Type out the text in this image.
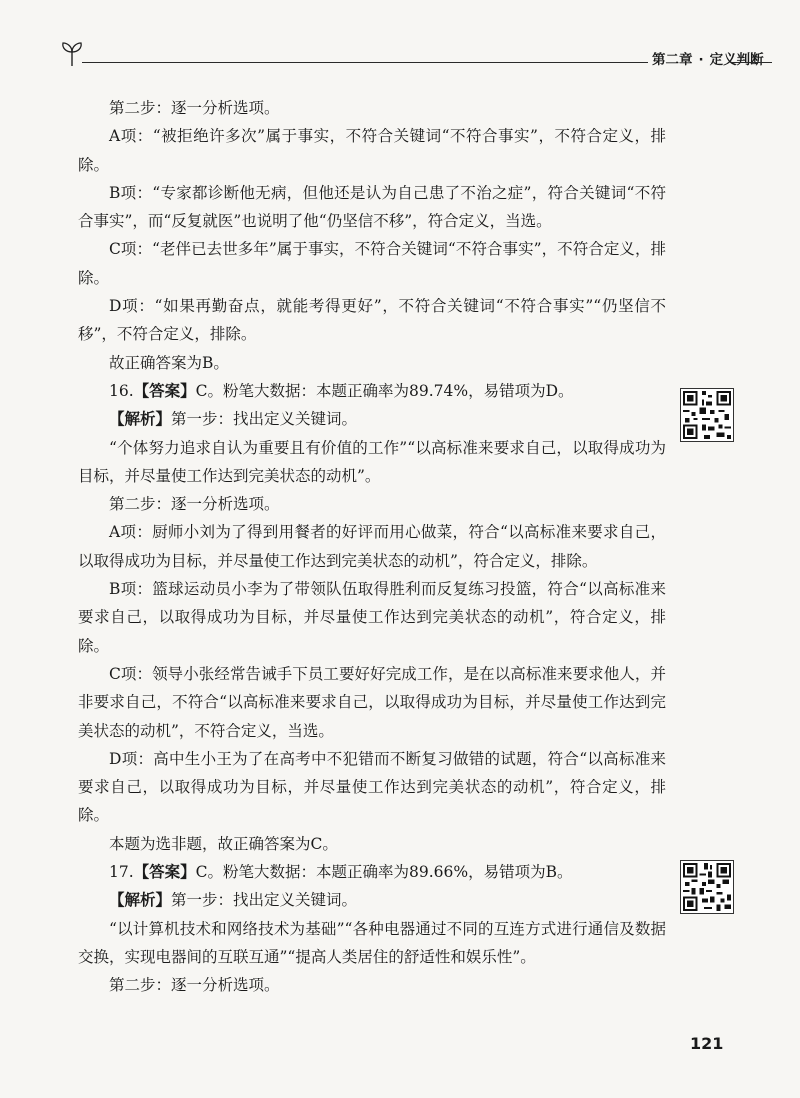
第二章 · 定义判断

第二步：逐一分析选项。

A项：“被拒绝许多次”属于事实，不符合关键词“不符合事实”，不符合定义，排除。

B项：“专家都诊断他无病，但他还是认为自己患了不治之症”，符合关键词“不符合事实”，而“反复就医”也说明了他“仍坚信不移”，符合定义，当选。

C项：“老伴已去世多年”属于事实，不符合关键词“不符合事实”，不符合定义，排除。

D项：“如果再勤奋点，就能考得更好”，不符合关键词“不符合事实”“仍坚信不移”，不符合定义，排除。

故正确答案为B。

16.【答案】C。粉笔大数据：本题正确率为89.74%，易错项为D。

【解析】第一步：找出定义关键词。

“个体努力追求自认为重要且有价值的工作”“以高标准来要求自己，以取得成功为目标，并尽量使工作达到完美状态的动机”。

第二步：逐一分析选项。

A项：厨师小刘为了得到用餐者的好评而用心做菜，符合“以高标准来要求自己，以取得成功为目标，并尽量使工作达到完美状态的动机”，符合定义，排除。

B项：篮球运动员小李为了带领队伍取得胜利而反复练习投篮，符合“以高标准来要求自己，以取得成功为目标，并尽量使工作达到完美状态的动机”，符合定义，排除。

C项：领导小张经常告诫手下员工要好好完成工作，是在以高标准来要求他人，并非要求自己，不符合“以高标准来要求自己，以取得成功为目标，并尽量使工作达到完美状态的动机”，不符合定义，当选。

D项：高中生小王为了在高考中不犯错而不断复习做错的试题，符合“以高标准来要求自己，以取得成功为目标，并尽量使工作达到完美状态的动机”，符合定义，排除。

本题为选非题，故正确答案为C。

17.【答案】C。粉笔大数据：本题正确率为89.66%，易错项为B。

【解析】第一步：找出定义关键词。

“以计算机技术和网络技术为基础”“各种电器通过不同的互连方式进行通信及数据交换，实现电器间的互联互通”“提高人类居住的舒适性和娱乐性”。

第二步：逐一分析选项。

121
